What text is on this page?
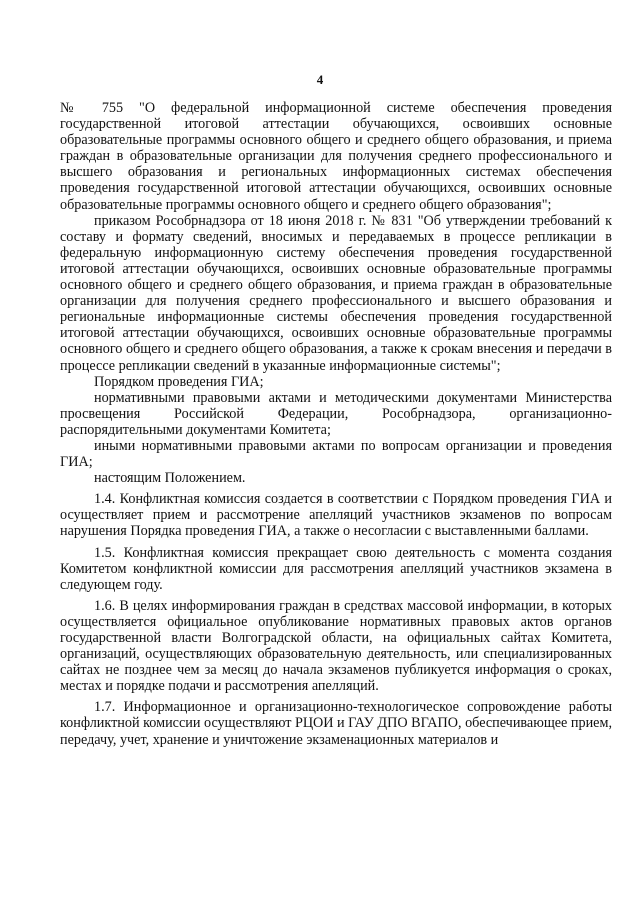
4

№ 755 "О федеральной информационной системе обеспечения проведения государственной итоговой аттестации обучающихся, освоивших основные образовательные программы основного общего и среднего общего образования, и приема граждан в образовательные организации для получения среднего профессионального и высшего образования и региональных информационных системах обеспечения проведения государственной итоговой аттестации обучающихся, освоивших основные образовательные программы основного общего и среднего общего образования";

приказом Рособрнадзора от 18 июня 2018 г. № 831 "Об утверждении требований к составу и формату сведений, вносимых и передаваемых в процессе репликации в федеральную информационную систему обеспечения проведения государственной итоговой аттестации обучающихся, освоивших основные образовательные программы основного общего и среднего общего образования, и приема граждан в образовательные организации для получения среднего профессионального и высшего образования и региональные информационные системы обеспечения проведения государственной итоговой аттестации обучающихся, освоивших основные образовательные программы основного общего и среднего общего образования, а также к срокам внесения и передачи в процессе репликации сведений в указанные информационные системы";

Порядком проведения ГИА;

нормативными правовыми актами и методическими документами Министерства просвещения Российской Федерации, Рособрнадзора, организационно-распорядительными документами Комитета;

иными нормативными правовыми актами по вопросам организации и проведения ГИА;

настоящим Положением.

1.4. Конфликтная комиссия создается в соответствии с Порядком проведения ГИА и осуществляет прием и рассмотрение апелляций участников экзаменов по вопросам нарушения Порядка проведения ГИА, а также о несогласии с выставленными баллами.

1.5. Конфликтная комиссия прекращает свою деятельность с момента создания Комитетом конфликтной комиссии для рассмотрения апелляций участников экзамена в следующем году.

1.6. В целях информирования граждан в средствах массовой информации, в которых осуществляется официальное опубликование нормативных правовых актов органов государственной власти Волгоградской области, на официальных сайтах Комитета, организаций, осуществляющих образовательную деятельность, или специализированных сайтах не позднее чем за месяц до начала экзаменов публикуется информация о сроках, местах и порядке подачи и рассмотрения апелляций.

1.7. Информационное и организационно-технологическое сопровождение работы конфликтной комиссии осуществляют РЦОИ и ГАУ ДПО ВГАПО, обеспечивающее прием, передачу, учет, хранение и уничтожение экзаменационных материалов и
